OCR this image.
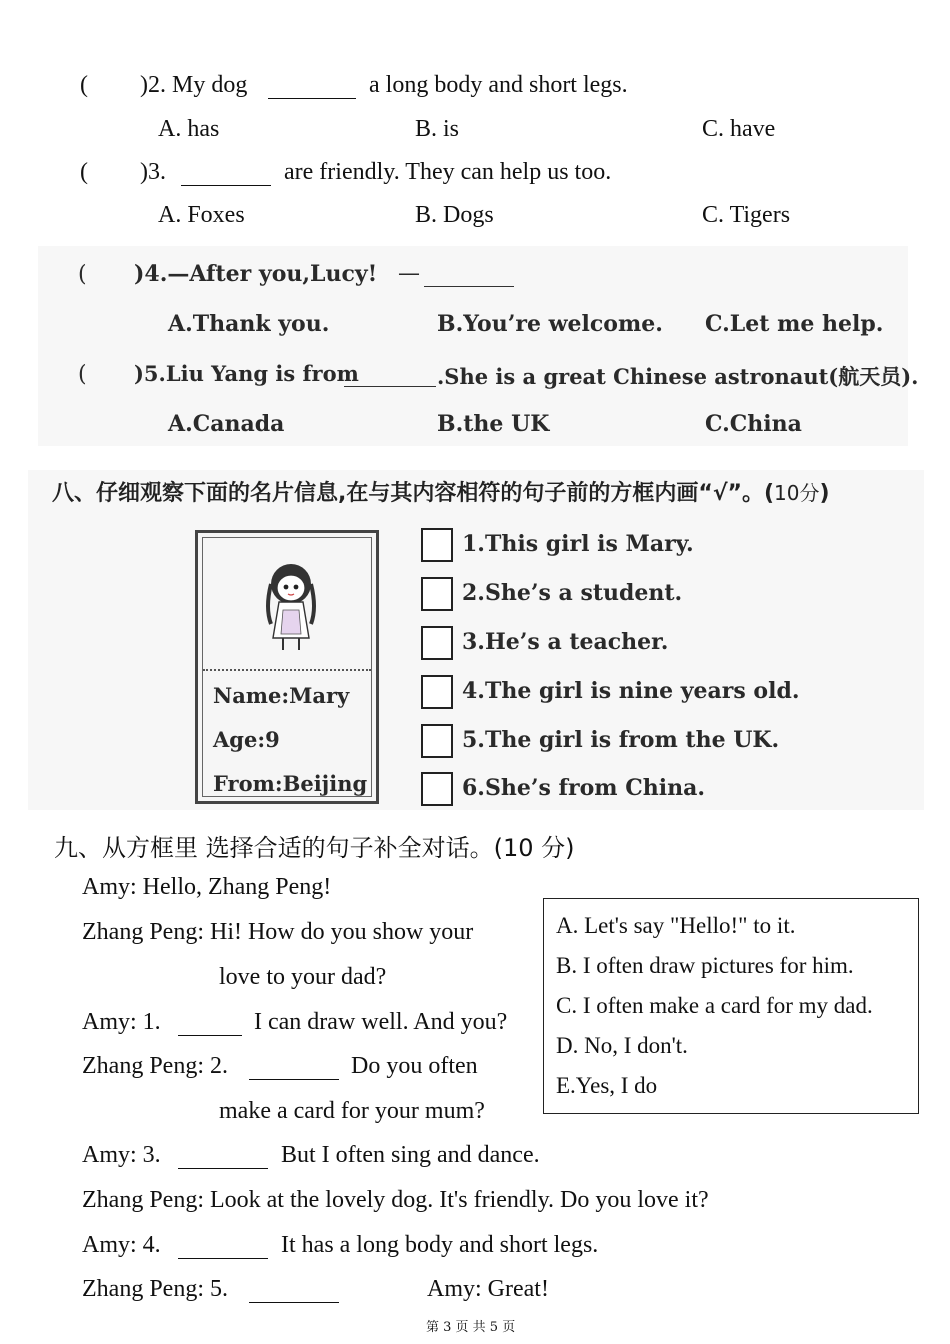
( )2. My dog	a long body and short legs.
A. has	B. is	C. have
( )3.	are friendly. They can help us too.
A. Foxes	B. Dogs	C. Tigers
( )4.—After you,Lucy! —
A.Thank you.	B.You’re welcome. C.Let me help.
( )5.Liu Yang is from	.She is a great Chinese astronaut(航天员).
A.Canada	B.the UK	C.China
八、仔细观察下面的名片信息,在与其内容相符的句子前的方框内画“√”。(10分)
Name:Mary
Age:9
From:Beijing
1.This girl is Mary.
2.She’s a student.
3.He’s a teacher.
4.The girl is nine years old.
5.The girl is from the UK.
6.She’s from China.
九、从方框里 选择合适的句子补全对话。(10 分)
A. Let's say "Hello!" to it.
B. I often draw pictures for him.
C. I often make a card for my dad.
D. No, I don't.
E.Yes, I do
Amy: Hello, Zhang Peng!
Zhang Peng: Hi! How do you show your
love to your dad?
Amy: 1.	I can draw well. And you?
Zhang Peng: 2.	Do you often
make a card for your mum?
Amy: 3.	But I often sing and dance.
Zhang Peng: Look at the lovely dog. It's friendly. Do you love it?
Amy: 4.	It has a long body and short legs.
Zhang Peng: 5.	Amy: Great!
第 3 页 共 5 页
